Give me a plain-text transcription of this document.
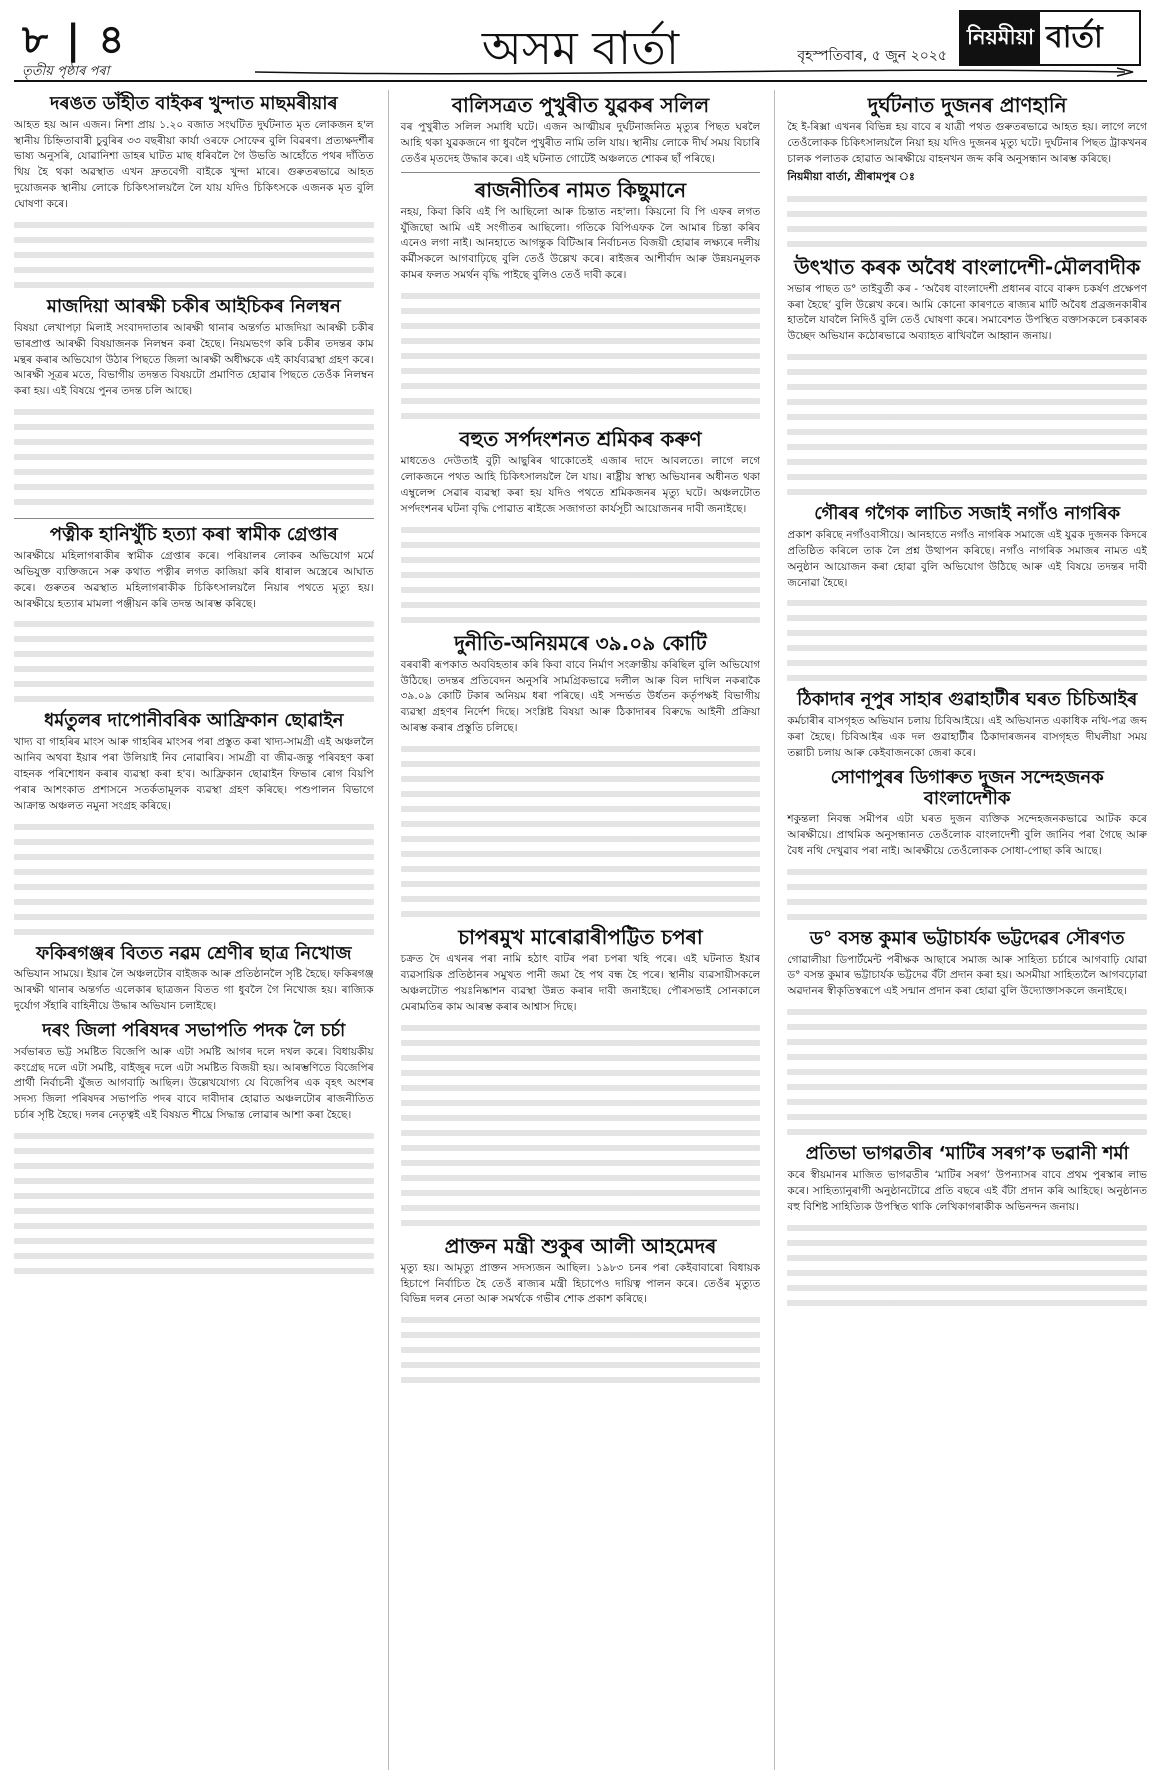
৮ | ৪	অসম বাৰ্তা	বৃহস্পতিবাৰ, ৫ জুন ২০২৫
নিয়মীয়া বাৰ্তা
তৃতীয় পৃষ্ঠাৰ পৰা
দৰঙত ডাঁহীত বাইকৰ খুন্দাত মাছমৰীয়াৰ

আহত হয় আন এজন। নিশা প্ৰায় ১.২০ বজাত সংঘটিত দুৰ্ঘটনাত মৃত লোকজন হ'ল স্থানীয় চিহ্নিতাবাৰী চুবুৰিৰ ৩৩ বছৰীয়া কাৰ্যা ওৰফে সোফেৰ বুলি বিৱৰণ। প্ৰত্যক্ষদৰ্শীৰ ভাষ্য অনুসৰি, যোৱানিশা ডাহৰ ঘাটত মাছ ধৰিবলৈ গৈ উভতি আহোঁতে পথৰ দাঁতিত থিয় হৈ থকা অৱস্থাত এখন দ্ৰুতবেগী বাইকে খুন্দা মাৰে। গুৰুতৰভাৱে আহত দুয়োজনক স্থানীয় লোকে চিকিৎসালয়লৈ লৈ যায় যদিও চিকিৎসকে এজনক মৃত বুলি ঘোষণা কৰে।

মাজদিয়া আৰক্ষী চকীৰ আইচিকৰ নিলম্বন

বিষয়া লেখাপঢ়া মিলাই সংবাদদাতাৰ আৰক্ষী থানাৰ অন্তৰ্গত মাজদিয়া আৰক্ষী চকীৰ ভাৰপ্ৰাপ্ত আৰক্ষী বিষয়াজনক নিলম্বন কৰা হৈছে। নিয়মভংগ কৰি চকীৰ তদন্তৰ কাম মন্থৰ কৰাৰ অভিযোগ উঠাৰ পিছতে জিলা আৰক্ষী অধীক্ষকে এই কাৰ্যব্যৱস্থা গ্ৰহণ কৰে। আৰক্ষী সূত্ৰৰ মতে, বিভাগীয় তদন্তত বিষয়টো প্ৰমাণিত হোৱাৰ পিছতে তেওঁক নিলম্বন কৰা হয়। এই বিষয়ে পুনৰ তদন্ত চলি আছে।

পত্নীক হানিখুঁচি হত্যা কৰা স্বামীক গ্ৰেপ্তাৰ

আৰক্ষীয়ে মহিলাগৰাকীৰ স্বামীক গ্ৰেপ্তাৰ কৰে। পৰিয়ালৰ লোকৰ অভিযোগ মৰ্মে অভিযুক্ত ব্যক্তিজনে সৰু কথাত পত্নীৰ লগত কাজিয়া কৰি ধাৰাল অস্ত্ৰেৰে আঘাত কৰে। গুৰুতৰ অৱস্থাত মহিলাগৰাকীক চিকিৎসালয়লৈ নিয়াৰ পথতে মৃত্যু হয়। আৰক্ষীয়ে হত্যাৰ মামলা পঞ্জীয়ন কৰি তদন্ত আৰম্ভ কৰিছে।

ধৰ্মতুলৰ দাপোনীবৰিক আফ্ৰিকান ছোৱাইন

খাদ্য বা গাহৰিৰ মাংস আৰু গাহৰিৰ মাংসৰ পৰা প্ৰস্তুত কৰা খাদ্য-সামগ্ৰী এই অঞ্চললৈ আনিব অথবা ইয়াৰ পৰা উলিয়াই নিব নোৱাৰিব। সামগ্ৰী বা জীৱ-জন্তু পৰিবহণ কৰা বাহনক পৰিশোধন কৰাৰ ব্যৱস্থা কৰা হ'ব। আফ্ৰিকান ছোৱাইন ফিভাৰ ৰোগ বিয়পি পৰাৰ আশংকাত প্ৰশাসনে সতৰ্কতামূলক ব্যৱস্থা গ্ৰহণ কৰিছে। পশুপালন বিভাগে আক্ৰান্ত অঞ্চলত নমুনা সংগ্ৰহ কৰিছে।

ফকিৰগঞ্জৰ বিতত নৱম শ্ৰেণীৰ ছাত্ৰ নিখোজ

অভিযান সাময়ে। ইয়াৰ লৈ অঞ্চলটোৰ বাইজক আৰু প্ৰতিষ্ঠানলৈ সৃষ্টি হৈছে। ফকিৰগঞ্জ আৰক্ষী থানাৰ অন্তৰ্গত এলেকাৰ ছাত্ৰজন বিতত গা ধুবলৈ গৈ নিখোজ হয়। ৰাজ্যিক দুৰ্যোগ সঁহাৰি বাহিনীয়ে উদ্ধাৰ অভিযান চলাইছে।

দৰং জিলা পৰিষদৰ সভাপতি পদক লৈ চৰ্চা

সৰ্বভাৰত ভট্ট সমষ্টিত বিজেপি আৰু এটা সমষ্টি আগৰ দলে দখল কৰে। বিধায়কীয় কংগ্ৰেছ দলে এটা সমষ্টি, বাইজুৰ দলে এটা সমষ্টিত বিজয়ী হয়। আৰম্ভণিতে বিজেপিৰ প্ৰাৰ্থী নিৰ্বাচনী যুঁজত আগবাঢ়ি আছিল। উল্লেখযোগ্য যে বিজেপিৰ এক বৃহৎ অংশৰ সদস্য জিলা পৰিষদৰ সভাপতি পদৰ বাবে দাবীদাৰ হোৱাত অঞ্চলটোৰ ৰাজনীতিত চৰ্চাৰ সৃষ্টি হৈছে। দলৰ নেতৃত্বই এই বিষয়ত শীঘ্ৰে সিদ্ধান্ত লোৱাৰ আশা কৰা হৈছে।

বালিসত্ৰত পুখুৰীত যুৱকৰ সলিল

বৰ পুখুৰীত সলিল সমাধি ঘটে। এজন আত্মীয়ৰ দুৰ্ঘটনাজনিত মৃত্যুৰ পিছত ঘৰলৈ আহি থকা যুৱকজনে গা ধুবলৈ পুখুৰীত নামি তলি যায়। স্থানীয় লোকে দীৰ্ঘ সময় বিচাৰি তেওঁৰ মৃতদেহ উদ্ধাৰ কৰে। এই ঘটনাত গোটেই অঞ্চলতে শোকৰ ছাঁ পৰিছে।

ৰাজনীতিৰ নামত কিছুমানে

নহয়, কিবা কিবি এই পি আছিলো আৰু চিন্তাত নহ'লা। কিয়নো বি পি এফৰ লগত যুঁজিছো আমি এই সংগীতৰ আছিলো। গতিকে বিপিএফক লৈ আমাৰ চিন্তা কৰিব এনেও লগা নাই। আনহাতে আগন্তুক বিটিআৰ নিৰ্বাচনত বিজয়ী হোৱাৰ লক্ষ্যৰে দলীয় কৰ্মীসকলে আগবাঢ়িছে বুলি তেওঁ উল্লেখ কৰে। ৰাইজৰ আশীৰ্বাদ আৰু উন্নয়নমূলক কামৰ ফলত সমৰ্থন বৃদ্ধি পাইছে বুলিও তেওঁ দাবী কৰে।

বহুত সৰ্পদংশনত শ্ৰমিকৰ কৰুণ

মাধতেও দেউতাই বুঢ়ী আছুৰিৰ থাকোতেই এজাৰ দাদে আবলতে। লাগে লগে লোকজনে পথত আহি চিকিৎসালয়লৈ লৈ যায়। ৰাষ্ট্ৰীয় স্বাস্থ্য অভিযানৰ অধীনত থকা এম্বুলেন্স সেৱাৰ ব্যৱস্থা কৰা হয় যদিও পথতে শ্ৰমিকজনৰ মৃত্যু ঘটে। অঞ্চলটোত সৰ্পদংশনৰ ঘটনা বৃদ্ধি পোৱাত ৰাইজে সজাগতা কাৰ্যসূচী আয়োজনৰ দাবী জনাইছে।

দুনীতি-অনিয়মৰে ৩৯.০৯ কোটি

বৰবাৰী ৰূপকাত অববিহতাৰ কৰি কিবা বাবে নিৰ্মাণ সংক্ৰান্তীয় কৰিছিল বুলি অভিযোগ উঠিছে। তদন্তৰ প্ৰতিবেদন অনুসৰি সামগ্ৰিকভাৱে দলীল আৰু বিল দাখিল নকৰাকৈ ৩৯.০৯ কোটি টকাৰ অনিয়ম ধৰা পৰিছে। এই সন্দৰ্ভত উৰ্ধতন কৰ্তৃপক্ষই বিভাগীয় ব্যৱস্থা গ্ৰহণৰ নিৰ্দেশ দিছে। সংশ্লিষ্ট বিষয়া আৰু ঠিকাদাৰৰ বিৰুদ্ধে আইনী প্ৰক্ৰিয়া আৰম্ভ কৰাৰ প্ৰস্তুতি চলিছে।

চাপৰমুখ মাৰোৱাৰীপট্টিত চপৰা

চক্ৰত দৈ এখনৰ পৰা নামি হঠাৎ বাটৰ পৰা চপৰা খহি পৰে। এই ঘটনাত ইয়াৰ ব্যৱসায়িক প্ৰতিষ্ঠানৰ সমুখত পানী জমা হৈ পথ বন্ধ হৈ পৰে। স্থানীয় ব্যৱসায়ীসকলে অঞ্চলটোত পয়ঃনিষ্কাশন ব্যৱস্থা উন্নত কৰাৰ দাবী জনাইছে। পৌৰসভাই সোনকালে মেৰামতিৰ কাম আৰম্ভ কৰাৰ আশ্বাস দিছে।

প্ৰাক্তন মন্ত্ৰী শুকুৰ আলী আহমেদৰ

মৃত্যু হয়। আমৃত্যু প্ৰাক্তন সদস্যজন আছিল। ১৯৮৩ চনৰ পৰা কেইবাবাৰো বিধায়ক হিচাপে নিৰ্বাচিত হৈ তেওঁ ৰাজ্যৰ মন্ত্ৰী হিচাপেও দায়িত্ব পালন কৰে। তেওঁৰ মৃত্যুত বিভিন্ন দলৰ নেতা আৰু সমৰ্থকে গভীৰ শোক প্ৰকাশ কৰিছে।

দুৰ্ঘটনাত দুজনৰ প্ৰাণহানি

হৈ ই-ৰিক্সা এখনৰ বিভিন্ন হয় বাবে ৰ যাত্ৰী পথত গুৰুতৰভাৱে আহত হয়। লাগে লগে তেওঁলোকক চিকিৎসালয়লৈ নিয়া হয় যদিও দুজনৰ মৃত্যু ঘটে। দুৰ্ঘটনাৰ পিছত ট্ৰাকখনৰ চালক পলাতক হোৱাত আৰক্ষীয়ে বাহনখন জব্দ কৰি অনুসন্ধান আৰম্ভ কৰিছে।

নিয়মীয়া বাৰ্তা, শ্ৰীৰামপুৰ ঃ
উৎখাত কৰক অবৈধ বাংলাদেশী-মৌলবাদীক

সভাৰ পাছত ড° তাইবুৰ্তী কৰ ‑ ‘অবৈধ বাংলাদেশী প্ৰধানৰ বাবে বাৰুদ চকৰ্ষণ প্ৰক্ষেপণ কৰা হৈছে’ বুলি উল্লেখ কৰে। আমি কোনো কাৰণতে ৰাজ্যৰ মাটি অবৈধ প্ৰব্ৰজনকাৰীৰ হাতলৈ যাবলৈ নিদিওঁ বুলি তেওঁ ঘোষণা কৰে। সমাবেশত উপস্থিত বক্তাসকলে চৰকাৰক উচ্ছেদ অভিযান কঠোৰভাৱে অব্যাহত ৰাখিবলৈ আহ্বান জনায়।

গৌৰৰ গগৈক লাচিত সজাই নগাঁও নাগৰিক

প্ৰকাশ কৰিছে নগাঁওবাসীয়ে। আনহাতে নগাঁও নাগৰিক সমাজে এই যুৱক দুজনক কিদৰে প্ৰতিষ্ঠিত কৰিলে তাক লৈ প্ৰশ্ন উত্থাপন কৰিছে। নগাঁও নাগৰিক সমাজৰ নামত এই অনুষ্ঠান আয়োজন কৰা হোৱা বুলি অভিযোগ উঠিছে আৰু এই বিষয়ে তদন্তৰ দাবী জনোৱা হৈছে।

ঠিকাদাৰ নূপুৰ সাহাৰ গুৱাহাটীৰ ঘৰত চিচিআইৰ

কৰ্মচাৰীৰ বাসগৃহত অভিযান চলায় চিবিআইয়ে। এই অভিযানত একাধিক নথি-পত্ৰ জব্দ কৰা হৈছে। চিবিআইৰ এক দল গুৱাহাটীৰ ঠিকাদাৰজনৰ বাসগৃহত দীঘলীয়া সময় তল্লাচী চলায় আৰু কেইবাজনকো জেৰা কৰে।

সোণাপুৰৰ ডিগাৰুত দুজন সন্দেহজনক বাংলাদেশীক

শকুন্তলা নিবন্ধ সমীপৰ এটা ঘৰত দুজন ব্যক্তিক সন্দেহজনকভাৱে আটক কৰে আৰক্ষীয়ে। প্ৰাথমিক অনুসন্ধানত তেওঁলোক বাংলাদেশী বুলি জানিব পৰা গৈছে আৰু বৈধ নথি দেখুৱাব পৰা নাই। আৰক্ষীয়ে তেওঁলোকক সোধা-পোছা কৰি আছে।

ড° বসন্ত কুমাৰ ভট্টাচাৰ্যক ভট্টদেৱৰ সৌৰণত

গোৱালীয়া ডিপাৰ্টমেন্ট পৰীক্ষক আছাৰে সমাজ আৰু সাহিত্য চৰ্চাৰে আগবাঢ়ি যোৱা ড° বসন্ত কুমাৰ ভট্টাচাৰ্যক ভট্টদেৱ বঁটা প্ৰদান কৰা হয়। অসমীয়া সাহিত্যলৈ আগবঢ়োৱা অৱদানৰ স্বীকৃতিস্বৰূপে এই সন্মান প্ৰদান কৰা হোৱা বুলি উদ্যোক্তাসকলে জনাইছে।

প্ৰতিভা ভাগৱতীৰ ‘মাটিৰ সৰগ’ক ভৱানী শৰ্মা

কৰে স্বীয়মানৰ মাজিত ভাগৱতীৰ ‘মাটিৰ সৰগ’ উপন্যাসৰ বাবে প্ৰথম পুৰস্কাৰ লাভ কৰে। সাহিত্যানুৰাগী অনুষ্ঠানটোৱে প্ৰতি বছৰে এই বঁটা প্ৰদান কৰি আহিছে। অনুষ্ঠানত বহু বিশিষ্ট সাহিত্যিক উপস্থিত থাকি লেখিকাগৰাকীক অভিনন্দন জনায়।
